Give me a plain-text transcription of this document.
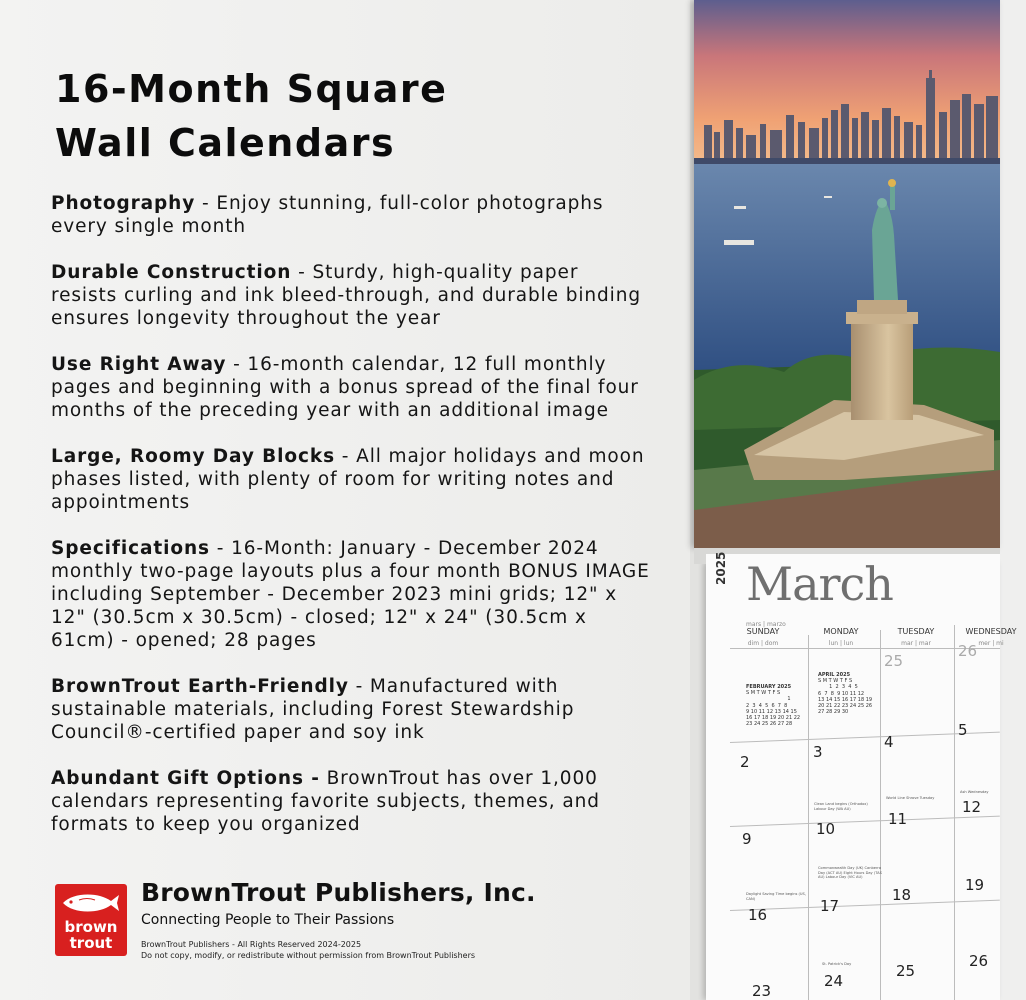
16-Month Square
Wall Calendars
Photography - Enjoy stunning, full-color photographs every single month
Durable Construction - Sturdy, high-quality paper resists curling and ink bleed-through, and durable binding ensures longevity throughout the year
Use Right Away - 16-month calendar, 12 full monthly pages and beginning with a bonus spread of the final four months of the preceding year with an additional image
Large, Roomy Day Blocks - All major holidays and moon phases listed, with plenty of room for writing notes and appointments
Specifications - 16-Month: January - December 2024 monthly two-page layouts plus a four month BONUS IMAGE including September - December 2023 mini grids; 12" x 12" (30.5cm x 30.5cm) - closed; 12" x 24" (30.5cm x 61cm) - opened; 28 pages
BrownTrout Earth-Friendly - Manufactured with sustainable materials, including Forest Stewardship Council®-certified paper and soy ink
Abundant Gift Options - BrownTrout has over 1,000 calendars representing favorite subjects, themes, and formats to keep you organized
brown
trout
BrownTrout Publishers, Inc.
Connecting People to Their Passions
BrownTrout Publishers - All Rights Reserved 2024-2025
Do not copy, modify, or redistribute without permission from BrownTrout Publishers
2025 March
mars | marzo
SUNDAY
dim | dom
MONDAY
lun | lun
TUESDAY
mar | mar
WEDNESDAY
mer | mi
FEBRUARY 2025
S M T W T F S
1
2  3  4  5  6  7  8
9 10 11 12 13 14 15
16 17 18 19 20 21 22
23 24 25 26 27 28
APRIL 2025
S M T W T F S
1  2  3  4  5
6  7  8  9 10 11 12
13 14 15 16 17 18 19
20 21 22 23 24 25 26
27 28 29 30
25
26
2
3
4
5
9
10
11
12
16	17
18
19
23
24
25
26
Clean Land begins (Orthodox) Labour Day (WA AU)
World Line Shrove Tuesday
Ash Wednesday
Commonwealth Day (UK) Canberra Day (ACT AU) Eight Hours Day (TAS AU) Labour Day (VIC AU)
Daylight Saving Time begins (US, CAN)
St. Patrick's Day
